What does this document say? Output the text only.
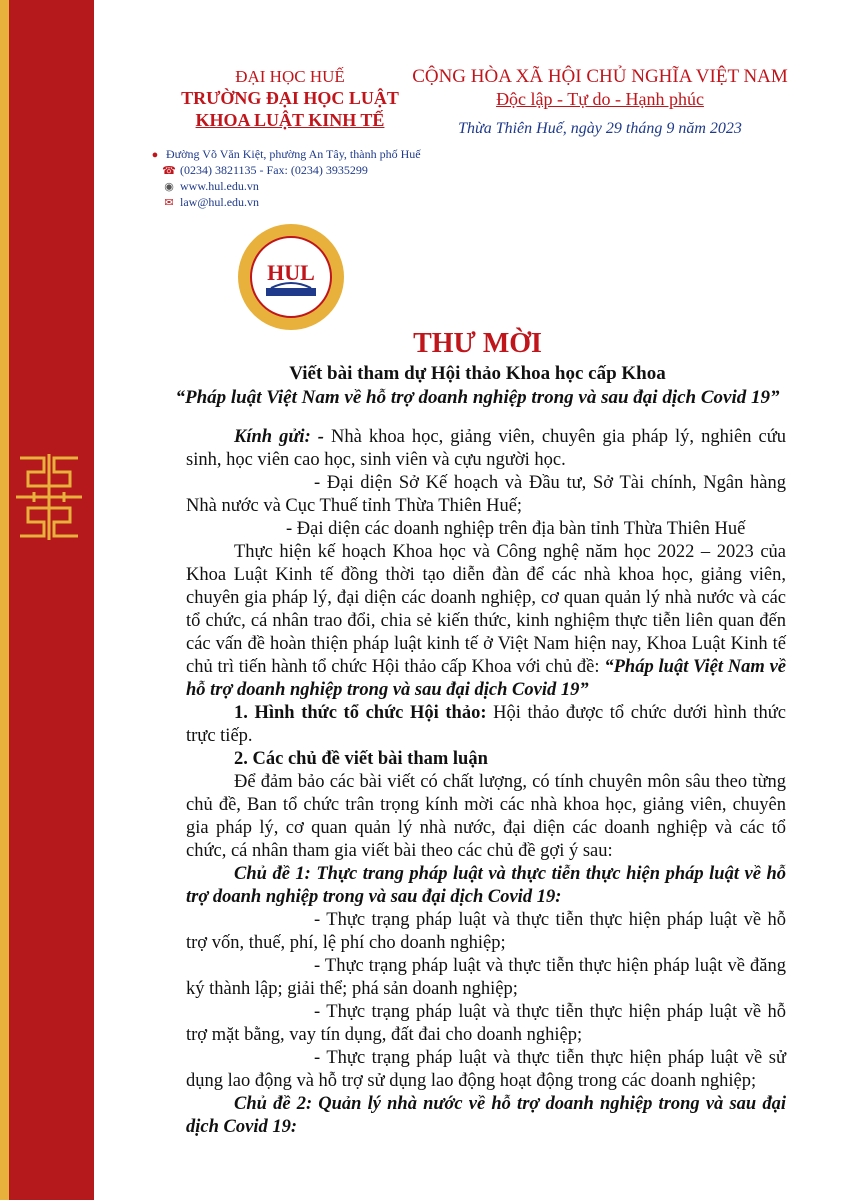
ĐẠI HỌC HUẾ
TRƯỜNG ĐẠI HỌC LUẬT
KHOA LUẬT KINH TẾ
CỘNG HÒA XÃ HỘI CHỦ NGHĨA VIỆT NAM
Độc lập - Tự do - Hạnh phúc
Thừa Thiên Huế, ngày 29 tháng 9 năm 2023
● Đường Võ Văn Kiệt, phường An Tây, thành phố Huế
☎ (0234) 3821135 - Fax: (0234) 3935299
◉ www.hul.edu.vn
✉ law@hul.edu.vn
HUL
THƯ MỜI
Viết bài tham dự Hội thảo Khoa học cấp Khoa
“Pháp luật Việt Nam về hỗ trợ doanh nghiệp trong và sau đại dịch Covid 19”

Kính gửi: - Nhà khoa học, giảng viên, chuyên gia pháp lý, nghiên cứu sinh, học viên cao học, sinh viên và cựu người học.

- Đại diện Sở Kế hoạch và Đầu tư, Sở Tài chính, Ngân hàng Nhà nước và Cục Thuế tỉnh Thừa Thiên Huế;

- Đại diện các doanh nghiệp trên địa bàn tỉnh Thừa Thiên Huế

Thực hiện kế hoạch Khoa học và Công nghệ năm học 2022 – 2023 của Khoa Luật Kinh tế đồng thời tạo diễn đàn để các nhà khoa học, giảng viên, chuyên gia pháp lý, đại diện các doanh nghiệp, cơ quan quản lý nhà nước và các tổ chức, cá nhân trao đổi, chia sẻ kiến thức, kinh nghiệm thực tiễn liên quan đến các vấn đề hoàn thiện pháp luật kinh tế ở Việt Nam hiện nay, Khoa Luật Kinh tế chủ trì tiến hành tổ chức Hội thảo cấp Khoa với chủ đề: “Pháp luật Việt Nam về hỗ trợ doanh nghiệp trong và sau đại dịch Covid 19”

1. Hình thức tổ chức Hội thảo: Hội thảo được tổ chức dưới hình thức trực tiếp.

2. Các chủ đề viết bài tham luận

Để đảm bảo các bài viết có chất lượng, có tính chuyên môn sâu theo từng chủ đề, Ban tổ chức trân trọng kính mời các nhà khoa học, giảng viên, chuyên gia pháp lý, cơ quan quản lý nhà nước, đại diện các doanh nghiệp và các tổ chức, cá nhân tham gia viết bài theo các chủ đề gợi ý sau:

Chủ đề 1: Thực trang pháp luật và thực tiễn thực hiện pháp luật về hỗ trợ doanh nghiệp trong và sau đại dịch Covid 19:

- Thực trạng pháp luật và thực tiễn thực hiện pháp luật về hỗ trợ vốn, thuế, phí, lệ phí cho doanh nghiệp;

- Thực trạng pháp luật và thực tiễn thực hiện pháp luật về đăng ký thành lập; giải thể; phá sản doanh nghiệp;

- Thực trạng pháp luật và thực tiễn thực hiện pháp luật về hỗ trợ mặt bằng, vay tín dụng, đất đai cho doanh nghiệp;

- Thực trạng pháp luật và thực tiễn thực hiện pháp luật về sử dụng lao động và hỗ trợ sử dụng lao động hoạt động trong các doanh nghiệp;

Chủ đề 2: Quản lý nhà nước về hỗ trợ doanh nghiệp trong và sau đại dịch Covid 19:
